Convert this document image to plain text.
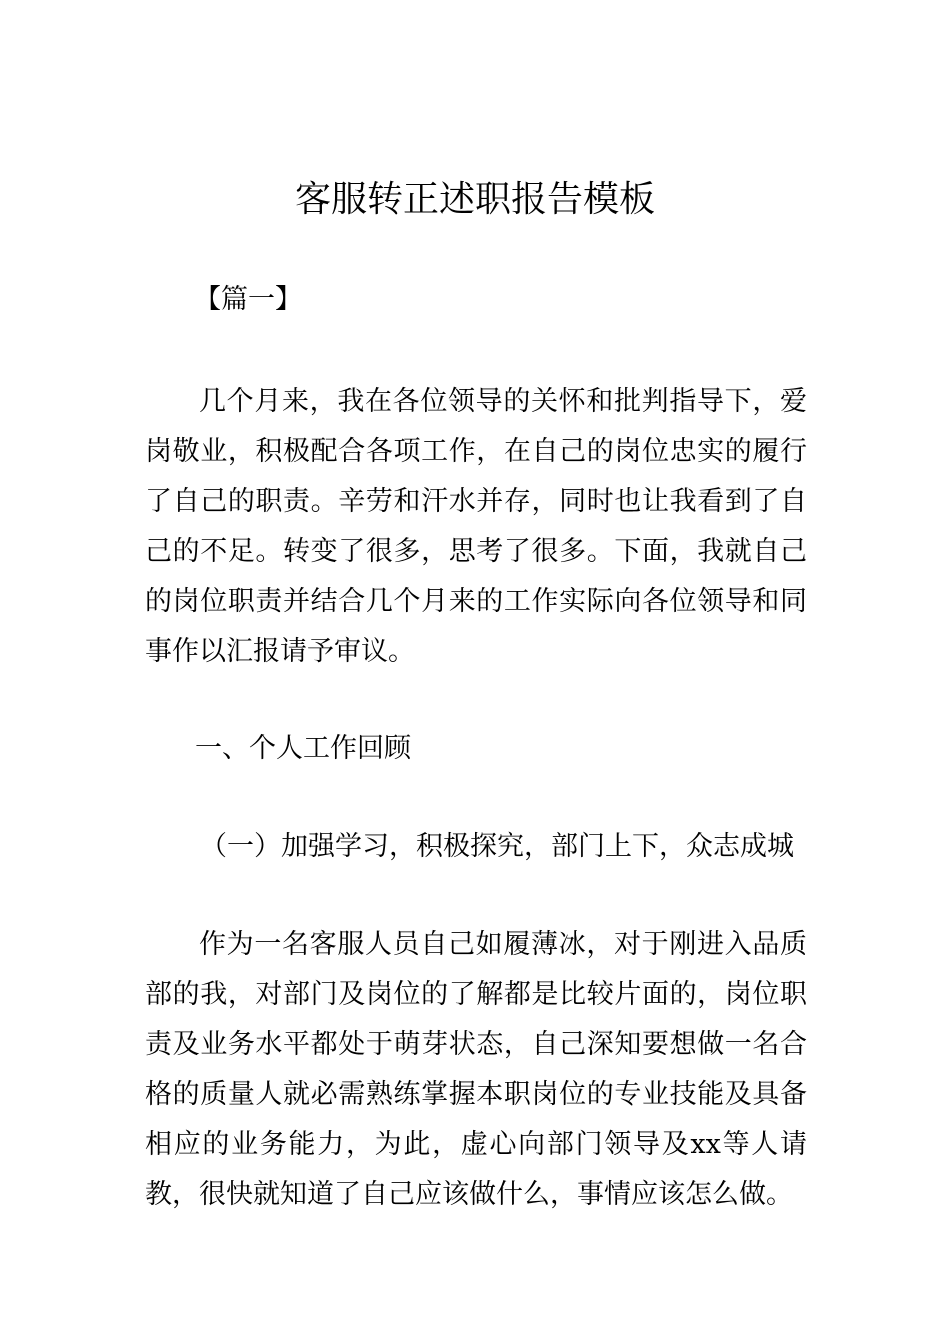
客服转正述职报告模板

【篇一】

几个月来，我在各位领导的关怀和批判指导下，爱岗敬业，积极配合各项工作，在自己的岗位忠实的履行了自己的职责。辛劳和汗水并存，同时也让我看到了自己的不足。转变了很多，思考了很多。下面，我就自己的岗位职责并结合几个月来的工作实际向各位领导和同事作以汇报请予审议。

一、个人工作回顾

（一）加强学习，积极探究，部门上下，众志成城

作为一名客服人员自己如履薄冰，对于刚进入品质部的我，对部门及岗位的了解都是比较片面的，岗位职责及业务水平都处于萌芽状态，自己深知要想做一名合格的质量人就必需熟练掌握本职岗位的专业技能及具备相应的业务能力，为此，虚心向部门领导及xx等人请教，很快就知道了自己应该做什么，事情应该怎么做。
